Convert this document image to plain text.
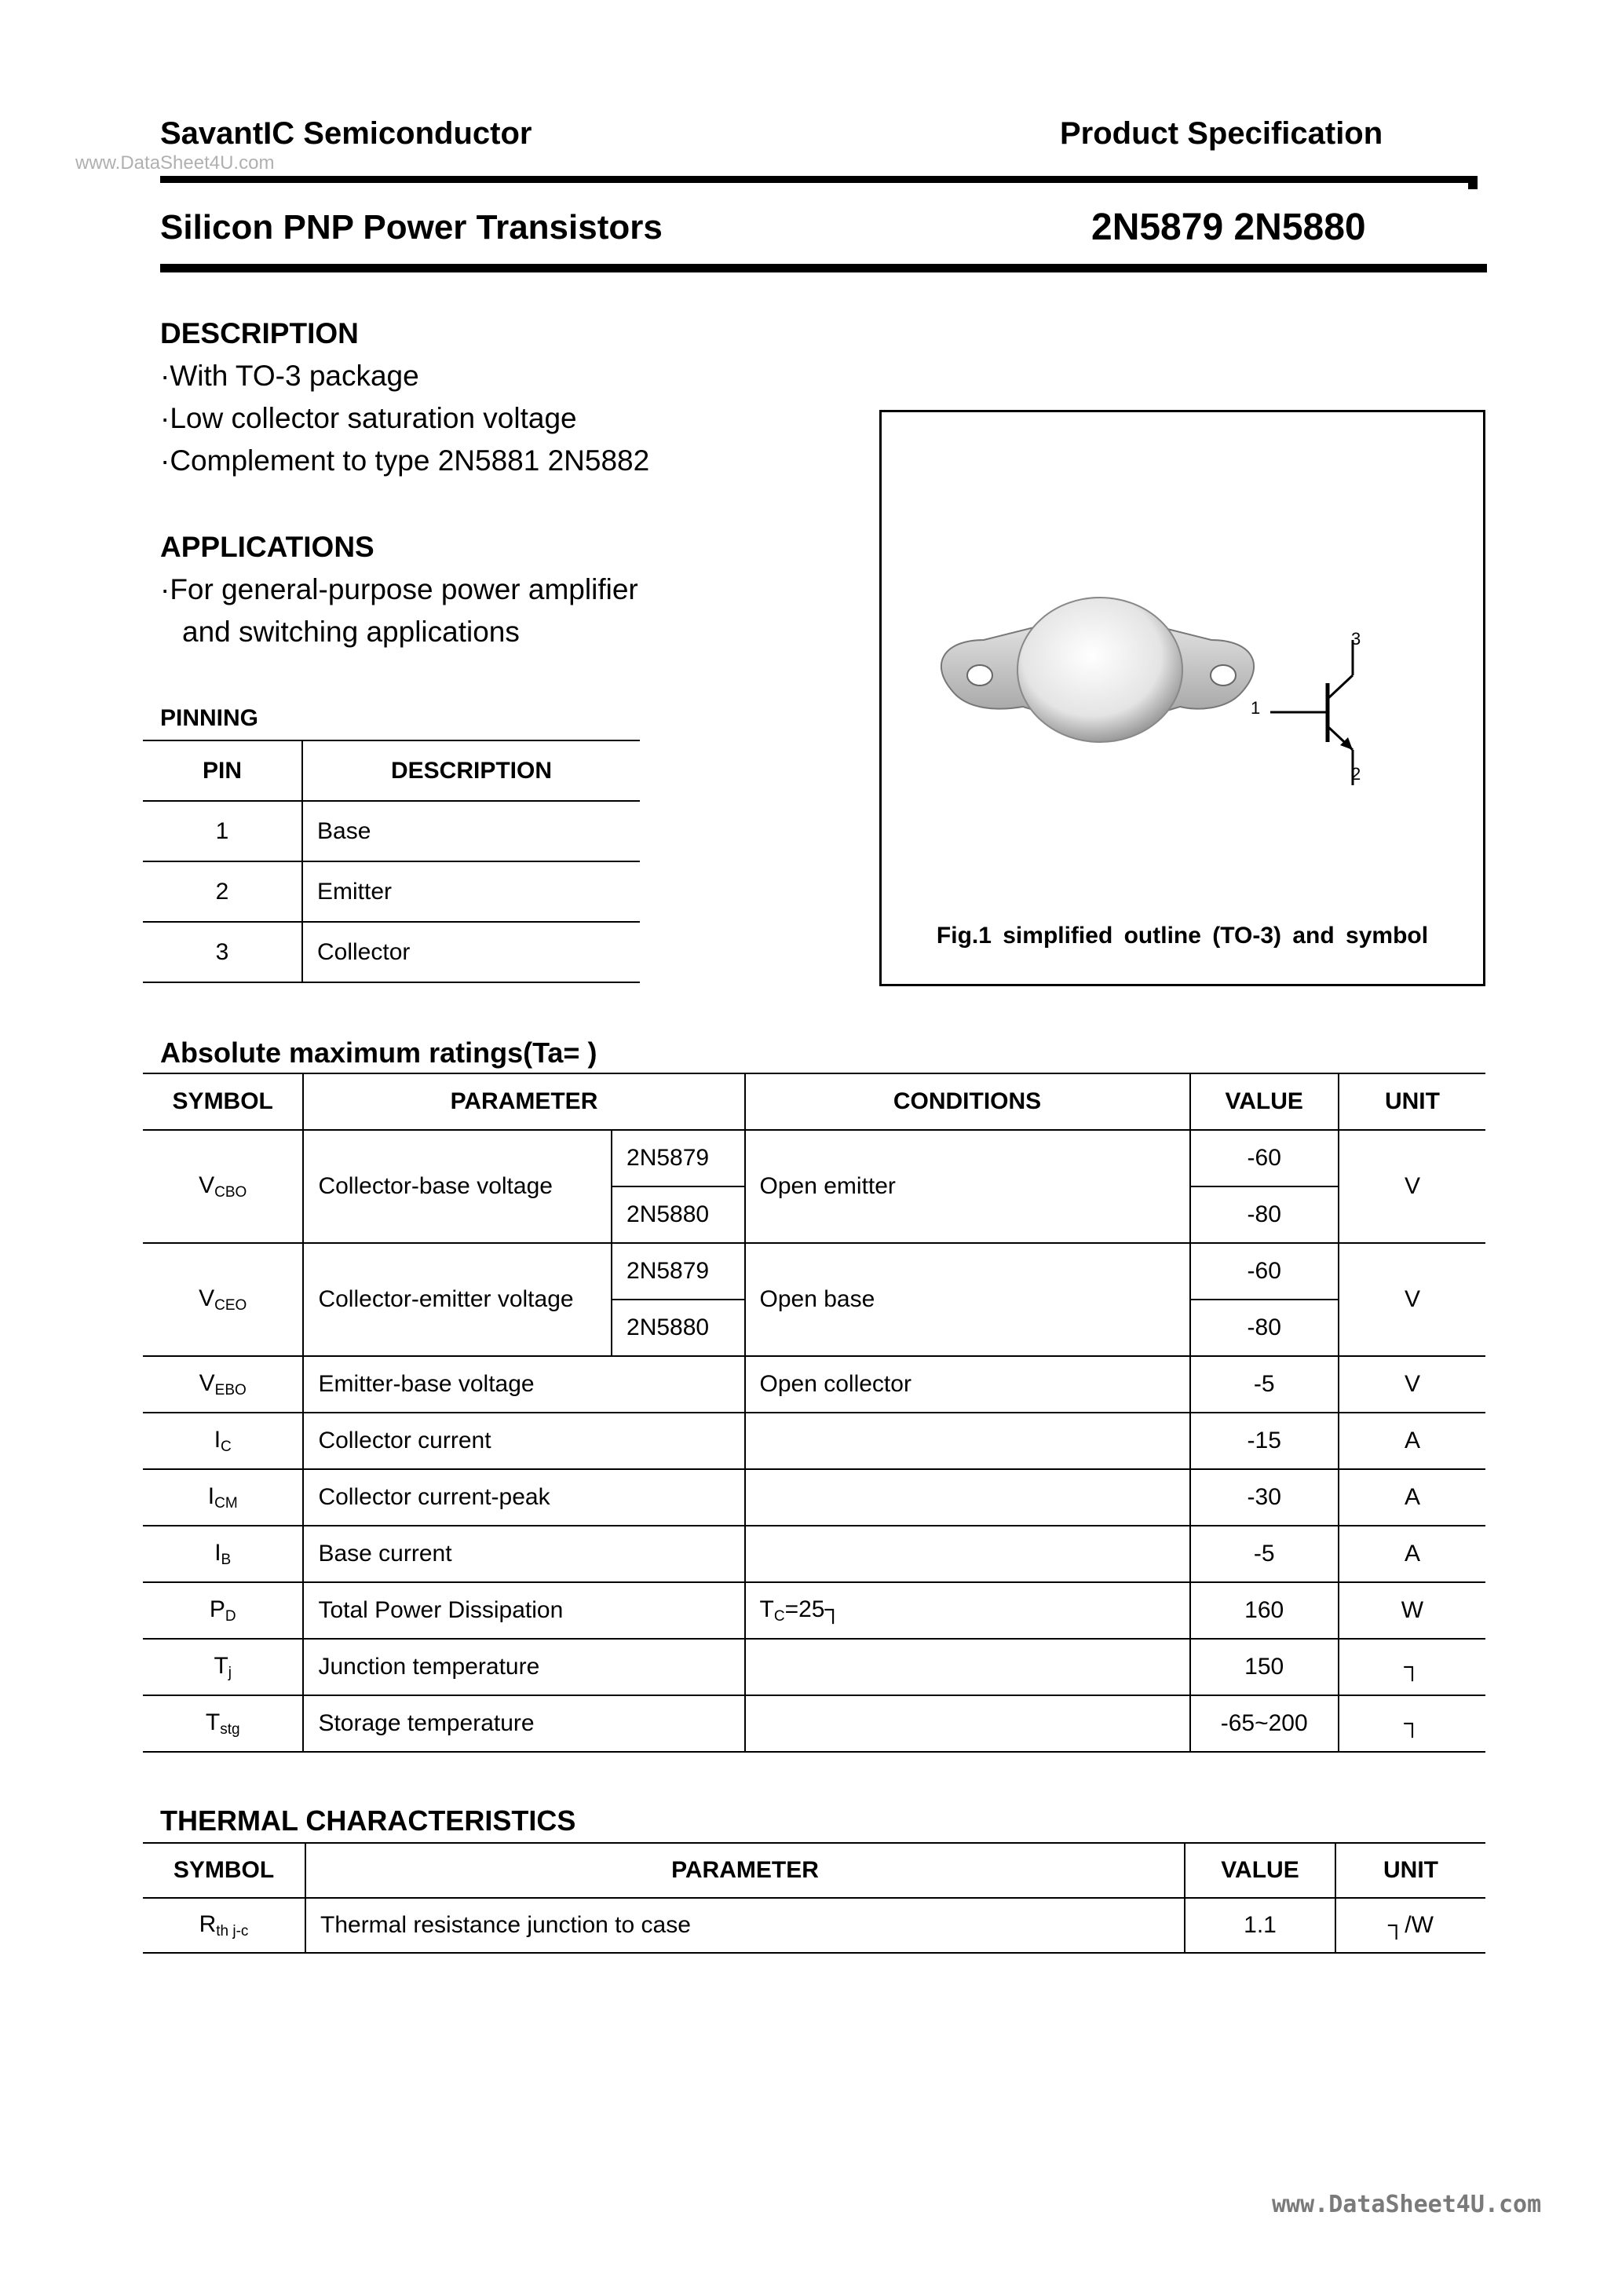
SavantIC Semiconductor	Product Specification
www.DataSheet4U.com
Silicon PNP Power Transistors	2N5879 2N5880
DESCRIPTION
·With TO-3 package
·Low collector saturation voltage
·Complement to type 2N5881 2N5882
APPLICATIONS
·For general-purpose power amplifier
and switching applications
PINNING
PIN	DESCRIPTION
1	Base
2	Emitter
3	Collector
1
2
3
Fig.1 simplified outline (TO-3) and symbol
Absolute maximum ratings(Ta= )
SYMBOL	PARAMETER		CONDITIONS	VALUE	UNIT
$V_{CBO}$	Collector-base voltage	2N5879	Open emitter	-60	V
		2N5880		-80	
$V_{CEO}$	Collector-emitter voltage	2N5879	Open base	-60	V
		2N5880		-80	
$V_{EBO}$	Emitter-base voltage		Open collector	-5	V
$I_C$	Collector current			-15	A
$I_{CM}$	Collector current-peak			-30	A
$I_B$	Base current			-5	A
$P_D$	Total Power Dissipation		$T_C=25┐$	160	W
$T_j$	Junction temperature			150	┐
$T_{stg}$	Storage temperature			-65~200	┐
THERMAL CHARACTERISTICS
SYMBOL	PARAMETER	VALUE	UNIT
$R_{th j-c}$	Thermal resistance junction to case	1.1	┐/W
www.DataSheet4U.com
